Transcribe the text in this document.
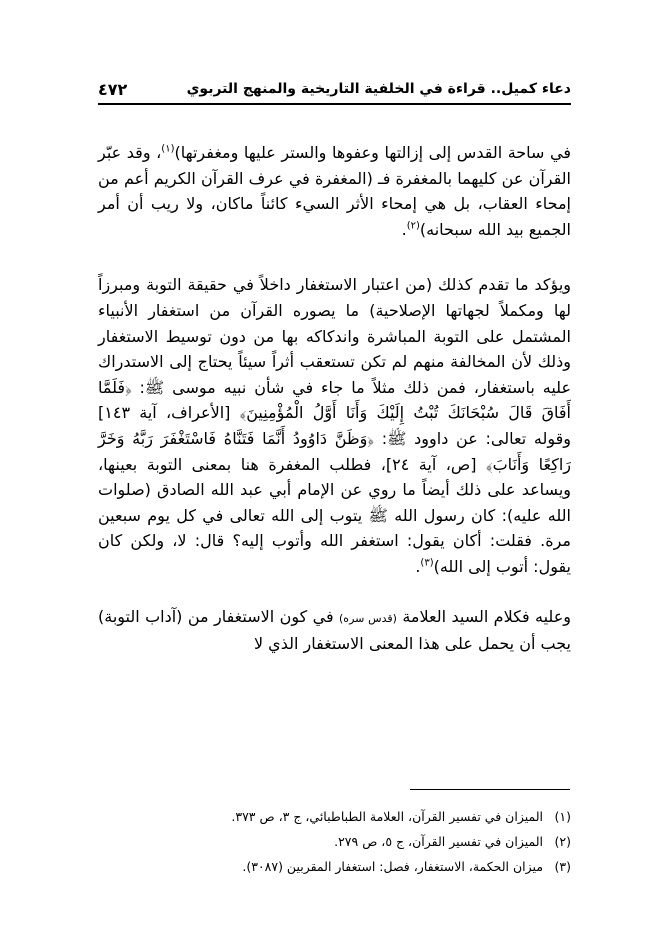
دعاء كميل.. قراءة في الخلفية التاريخية والمنهج التربوي
٤٧٢

في ساحة القدس إلى إزالتها وعفوها والستر عليها ومغفرتها)$^{(١)}$، وقد عبّر القرآن عن كليهما بالمغفرة فـ (المغفرة في عرف القرآن الكريم أعم من إمحاء العقاب، بل هي إمحاء الأثر السيء كائناً ماكان، ولا ريب أن أمر الجميع بيد الله سبحانه)$^{(٢)}$.

ويؤكد ما تقدم كذلك (من اعتبار الاستغفار داخلاً في حقيقة التوبة ومبرزاً لها ومكملاً لجهاتها الإصلاحية) ما يصوره القرآن من استغفار الأنبياء المشتمل على التوبة المباشرة واندكاكه بها من دون توسيط الاستغفار وذلك لأن المخالفة منهم لم تكن تستعقب أثراً سيئاً يحتاج إلى الاستدراك عليه باستغفار، فمن ذلك مثلاً ما جاء في شأن نبيه موسى ﷺ: ﴿فَلَمَّا أَفَاقَ قَالَ سُبْحَانَكَ تُبْتُ إِلَيْكَ وَأَنَا أَوَّلُ الْمُؤْمِنِينَ﴾ [الأعراف، آية ١٤٣] وقوله تعالى: عن داوود ﷺ: ﴿وَظَنَّ دَاوُودُ أَنَّمَا فَتَنَّاهُ فَاسْتَغْفَرَ رَبَّهُ وَخَرَّ رَاكِعًا وَأَنَابَ﴾ [ص، آية ٢٤]، فطلب المغفرة هنا بمعنى التوبة بعينها، ويساعد على ذلك أيضاً ما روي عن الإمام أبي عبد الله الصادق (صلوات الله عليه): كان رسول الله ﷺ يتوب إلى الله تعالى في كل يوم سبعين مرة. فقلت: أكان يقول: استغفر الله وأتوب إليه؟ قال: لا، ولكن كان يقول: أتوب إلى الله)$^{(٣)}$.

وعليه فكلام السيد العلامة (قدس سره) في كون الاستغفار من (آداب التوبة) يجب أن يحمل على هذا المعنى الاستغفار الذي لا

(١) الميزان في تفسير القرآن، العلامة الطباطبائي، ج ٣، ص ٣٧٣.

(٢) الميزان في تفسير القرآن، ج ٥، ص ٢٧٩.

(٣) ميزان الحكمة، الاستغفار، فصل: استغفار المقربين (٣٠٨٧).
